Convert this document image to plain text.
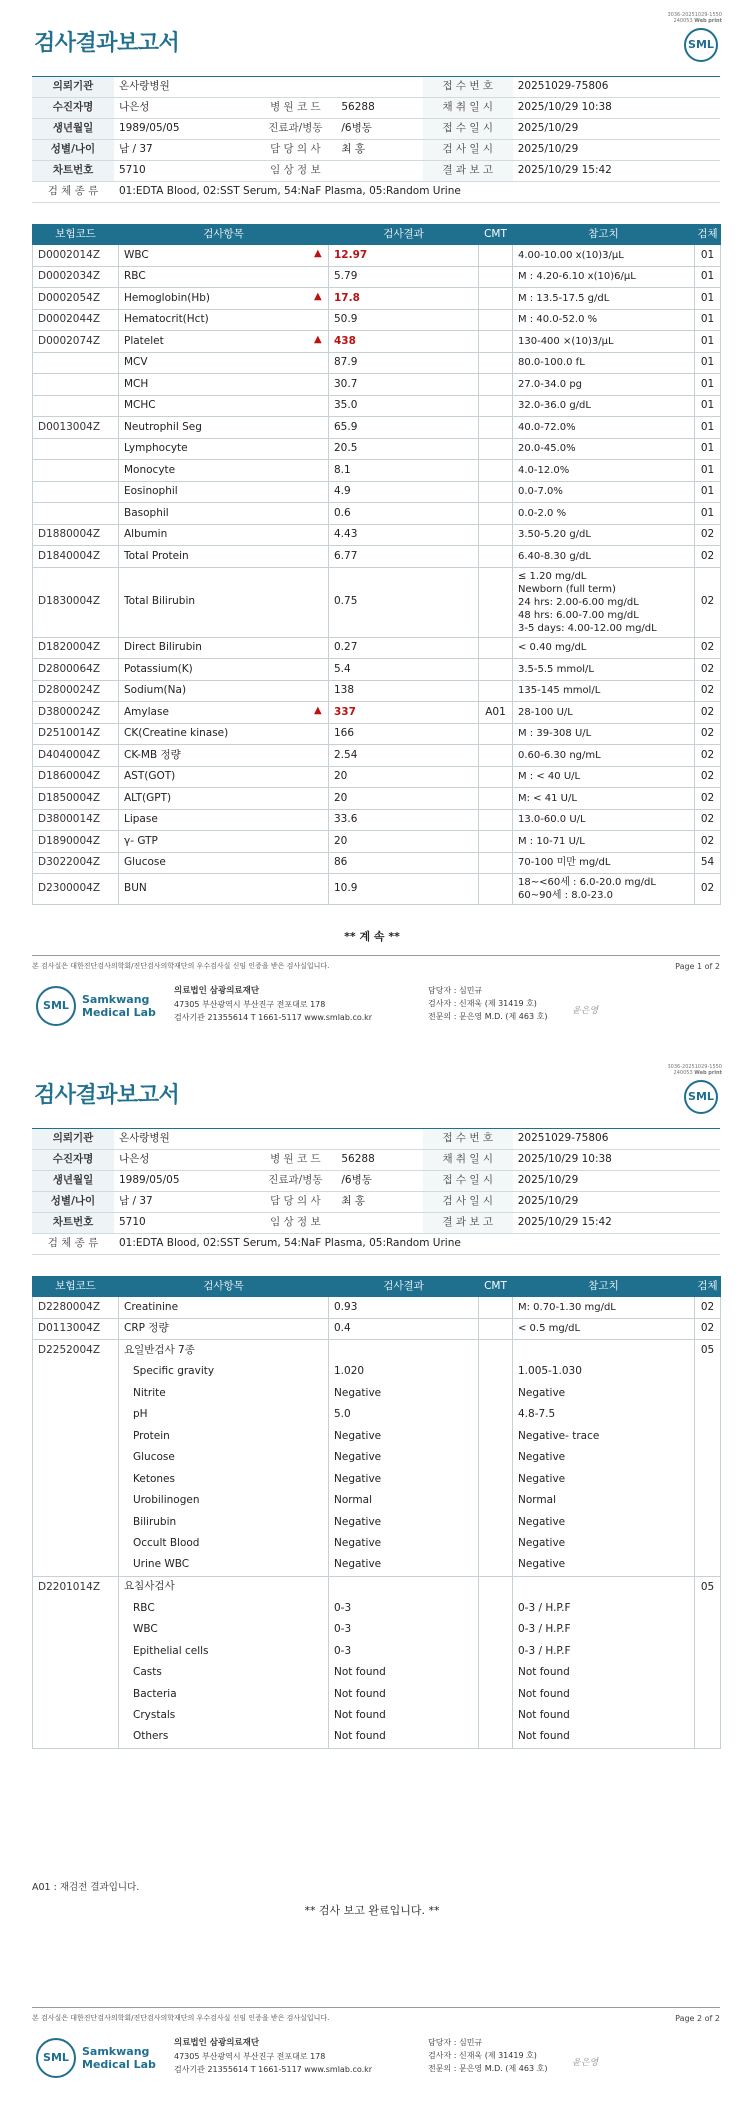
3036-20251029-1550
240053 Web print
검사결과보고서	SML
의뢰기관	온사랑병원			접 수 번 호	20251029-75806
수진자명	나은성	병 원 코 드	56288	채 취 일 시	2025/10/29 10:38
생년월일	1989/05/05	진료과/병동	/6병동	접 수 일 시	2025/10/29
성별/나이	남 / 37	담 당 의 사	최 홍	검 사 일 시	2025/10/29
차트번호	5710	임 상 정 보		결 과 보 고	2025/10/29 15:42
검 체 종 류	01:EDTA Blood, 02:SST Serum, 54:NaF Plasma, 05:Random Urine				
보험코드	검사항목	검사결과	CMT	참고치	검체
D0002014Z	WBC	▲ 12.97		4.00-10.00 x(10)3/μL	01
D0002034Z	RBC	5.79		M : 4.20-6.10 x(10)6/μL	01
D0002054Z	Hemoglobin(Hb)	▲ 17.8		M : 13.5-17.5 g/dL	01
D0002044Z	Hematocrit(Hct)	50.9		M : 40.0-52.0 %	01
D0002074Z	Platelet	▲ 438		130-400 ×(10)3/μL	01
	MCV	87.9		80.0-100.0 fL	01
	MCH	30.7		27.0-34.0 pg	01
	MCHC	35.0		32.0-36.0 g/dL	01
D0013004Z	Neutrophil Seg	65.9		40.0-72.0%	01
	Lymphocyte	20.5		20.0-45.0%	01
	Monocyte	8.1		4.0-12.0%	01
	Eosinophil	4.9		0.0-7.0%	01
	Basophil	0.6		0.0-2.0 %	01
D1880004Z	Albumin	4.43		3.50-5.20 g/dL	02
D1840004Z	Total Protein	6.77		6.40-8.30 g/dL	02
D1830004Z	Total Bilirubin	0.75		≤ 1.20 mg/dL
Newborn (full term)
24 hrs: 2.00-6.00 mg/dL
48 hrs: 6.00-7.00 mg/dL
3-5 days: 4.00-12.00 mg/dL	02
D1820004Z	Direct Bilirubin	0.27		< 0.40 mg/dL	02
D2800064Z	Potassium(K)	5.4		3.5-5.5 mmol/L	02
D2800024Z	Sodium(Na)	138		135-145 mmol/L	02
D3800024Z	Amylase	▲ 337	A01	28-100 U/L	02
D2510014Z	CK(Creatine kinase)	166		M : 39-308 U/L	02
D4040004Z	CK-MB 정량	2.54		0.60-6.30 ng/mL	02
D1860004Z	AST(GOT)	20		M : < 40 U/L	02
D1850004Z	ALT(GPT)	20		M: < 41 U/L	02
D3800014Z	Lipase	33.6		13.0-60.0 U/L	02
D1890004Z	γ- GTP	20		M : 10-71 U/L	02
D3022004Z	Glucose	86		70-100 미만 mg/dL	54
D2300004Z	BUN	10.9		18~<60세 : 6.0-20.0 mg/dL
60~90세 : 8.0-23.0	02
** 계 속 **
본 검사실은 대한진단검사의학회/진단검사의학재단의 우수검사실 신임 인증을 받은 검사실입니다.	Page 1 of 2
SML	Samkwang
Medical Lab
의료법인 삼광의료재단
47305 부산광역시 부산진구 전포대로 178
검사기관 21355614 T 1661-5117 www.smlab.co.kr
담당자 : 심민규
검사자 : 신재욱 (제 31419 호)
전문의 : 문은영 M.D. (제 463 호)
윤은영
3036-20251029-1550
240053 Web print
검사결과보고서	SML
의뢰기관	온사랑병원			접 수 번 호	20251029-75806
수진자명	나은성	병 원 코 드	56288	채 취 일 시	2025/10/29 10:38
생년월일	1989/05/05	진료과/병동	/6병동	접 수 일 시	2025/10/29
성별/나이	남 / 37	담 당 의 사	최 홍	검 사 일 시	2025/10/29
차트번호	5710	임 상 정 보		결 과 보 고	2025/10/29 15:42
검 체 종 류	01:EDTA Blood, 02:SST Serum, 54:NaF Plasma, 05:Random Urine				
보험코드	검사항목	검사결과	CMT	참고치	검체
D2280004Z	Creatinine	0.93		M: 0.70-1.30 mg/dL	02
D0113004Z	CRP 정량	0.4		< 0.5 mg/dL	02
D2252004Z	요일반검사 7종				05
	Specific gravity	1.020		1.005-1.030	
	Nitrite	Negative		Negative	
	pH	5.0		4.8-7.5	
	Protein	Negative		Negative- trace	
	Glucose	Negative		Negative	
	Ketones	Negative		Negative	
	Urobilinogen	Normal		Normal	
	Bilirubin	Negative		Negative	
	Occult Blood	Negative		Negative	
	Urine WBC	Negative		Negative	
D2201014Z	요침사검사				05
	RBC	0-3		0-3 / H.P.F	
	WBC	0-3		0-3 / H.P.F	
	Epithelial cells	0-3		0-3 / H.P.F	
	Casts	Not found		Not found	
	Bacteria	Not found		Not found	
	Crystals	Not found		Not found	
	Others	Not found		Not found	
A01 : 재검전 결과입니다.
** 검사 보고 완료입니다. **
본 검사실은 대한진단검사의학회/진단검사의학재단의 우수검사실 신임 인증을 받은 검사실입니다.	Page 2 of 2
SML	Samkwang
Medical Lab
의료법인 삼광의료재단
47305 부산광역시 부산진구 전포대로 178
검사기관 21355614 T 1661-5117 www.smlab.co.kr
담당자 : 심민규
검사자 : 신재욱 (제 31419 호)
전문의 : 문은영 M.D. (제 463 호)
윤은영
